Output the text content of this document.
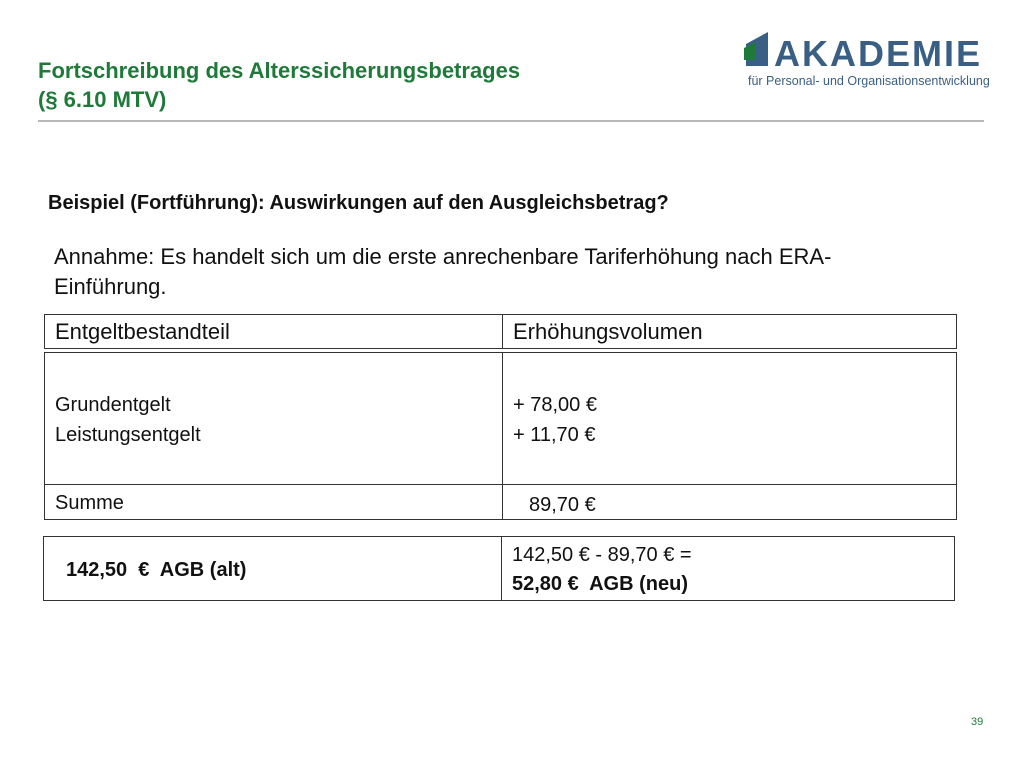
Fortschreibung des Alterssicherungsbetrages
(§ 6.10 MTV)
AKADEMIE
für Personal- und Organisationsentwicklung

Beispiel (Fortführung): Auswirkungen auf den Ausgleichsbetrag?

Annahme: Es handelt sich um die erste anrechenbare Tariferhöhung nach ERA-Einführung.

Entgeltbestandteil	Erhöhungsvolumen
Grundentgelt
Leistungsentgelt
+ 78,00 €
+ 11,70 €
Summe	89,70 €
142,50  €  AGB (alt)
142,50 € - 89,70 € =
52,80 €  AGB (neu)
39
